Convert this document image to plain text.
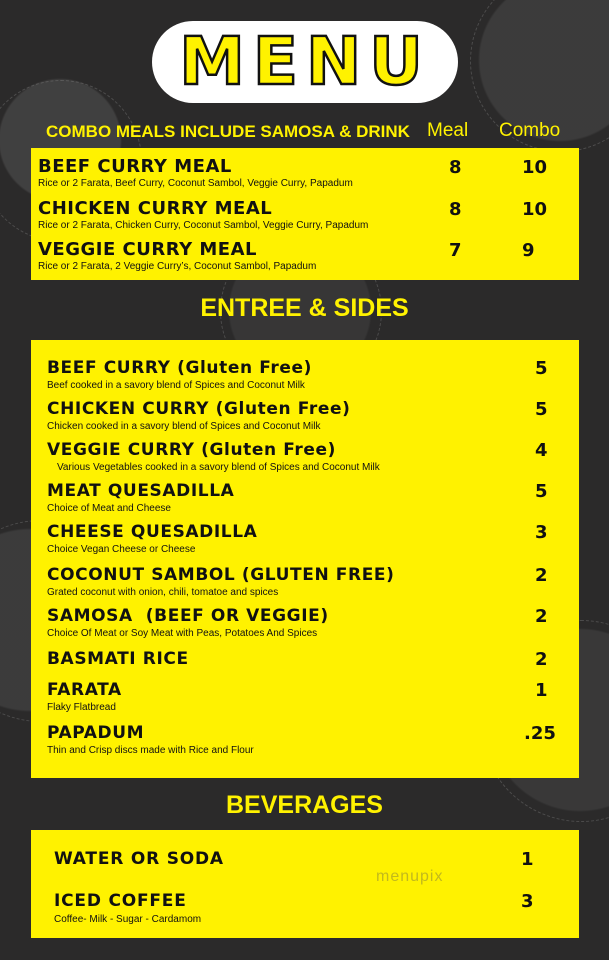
MENU
COMBO MEALS INCLUDE SAMOSA & DRINK Meal Combo
BEEF CURRY MEAL
Rice or 2 Farata, Beef Curry, Coconut Sambol, Veggie Curry, Papadum
8	10
CHICKEN CURRY MEAL
Rice or 2 Farata, Chicken Curry, Coconut Sambol, Veggie Curry, Papadum
8	10
VEGGIE CURRY MEAL
Rice or 2 Farata, 2 Veggie Curry’s, Coconut Sambol, Papadum
7	9
ENTREE & SIDES
BEEF CURRY (Gluten Free)
Beef cooked in a savory blend of Spices and Coconut Milk
5
CHICKEN CURRY (Gluten Free)
Chicken cooked in a savory blend of Spices and Coconut Milk
5
VEGGIE CURRY (Gluten Free)
Various Vegetables cooked in a savory blend of Spices and Coconut Milk
4
MEAT QUESADILLA
Choice of Meat and Cheese
5
CHEESE QUESADILLA
Choice Vegan Cheese or Cheese
3
COCONUT SAMBOL (GLUTEN FREE)
Grated coconut with onion, chili, tomatoe and spices
2
SAMOSA  (BEEF OR VEGGIE)
Choice Of Meat or Soy Meat with Peas, Potatoes And Spices
2
BASMATI RICE	2
FARATA
Flaky Flatbread
1
PAPADUM
Thin and Crisp discs made with Rice and Flour
.25
BEVERAGES
WATER OR SODA	1
ICED COFFEE
Coffee- Milk - Sugar - Cardamom
3
menupix
